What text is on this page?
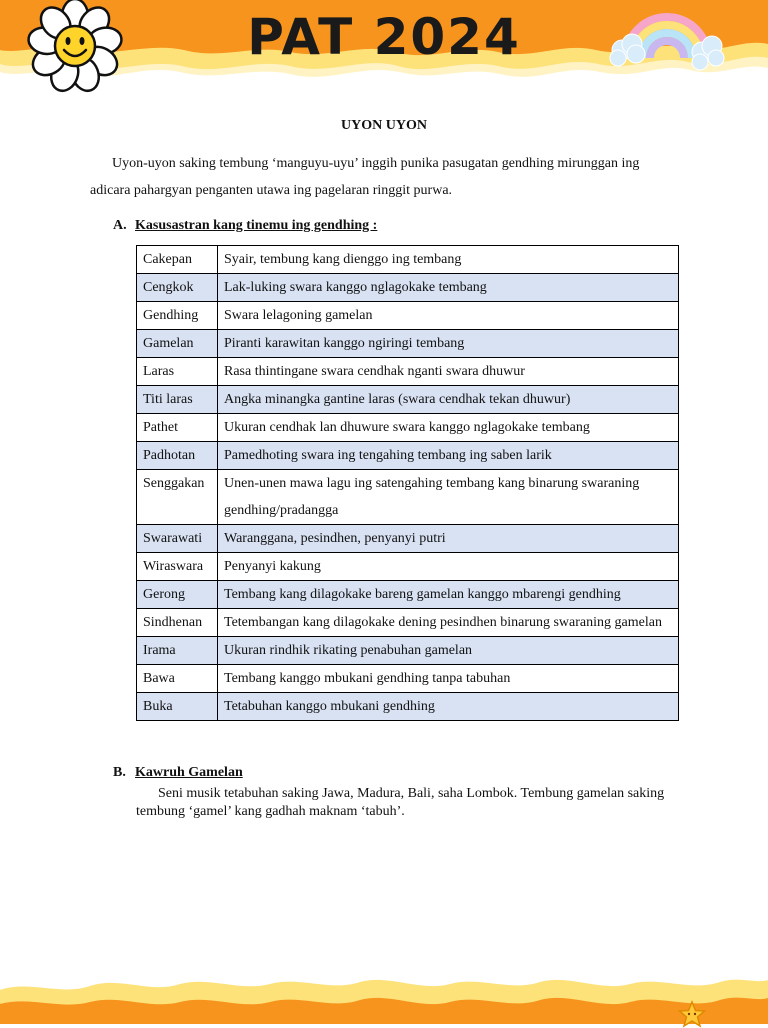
PAT 2024
UYON UYON
Uyon-uyon saking tembung ‘manguyu-uyu’ inggih punika pasugatan gendhing mirunggan ing adicara pahargyan penganten utawa ing pagelaran ringgit purwa.
A. Kasusastran kang tinemu ing gendhing :
Cakepan	Syair, tembung kang dienggo ing tembang
Cengkok	Lak-luking swara kanggo nglagokake tembang
Gendhing	Swara lelagoning gamelan
Gamelan	Piranti karawitan kanggo ngiringi tembang
Laras	Rasa thintingane swara cendhak nganti swara dhuwur
Titi laras	Angka minangka gantine laras (swara cendhak tekan dhuwur)
Pathet	Ukuran cendhak lan dhuwure swara kanggo nglagokake tembang
Padhotan	Pamedhoting swara ing tengahing tembang ing saben larik
Senggakan	Unen-unen mawa lagu ing satengahing tembang kang binarung swaraning gendhing/pradangga
Swarawati	Waranggana, pesindhen, penyanyi putri
Wiraswara	Penyanyi kakung
Gerong	Tembang kang dilagokake bareng gamelan kanggo mbarengi gendhing
Sindhenan	Tetembangan kang dilagokake dening pesindhen binarung swaraning gamelan
Irama	Ukuran rindhik rikating penabuhan gamelan
Bawa	Tembang kanggo mbukani gendhing tanpa tabuhan
Buka	Tetabuhan kanggo mbukani gendhing
B. Kawruh Gamelan
Seni musik tetabuhan saking Jawa, Madura, Bali, saha Lombok. Tembung gamelan saking tembung ‘gamel’ kang gadhah maknam ‘tabuh’.
